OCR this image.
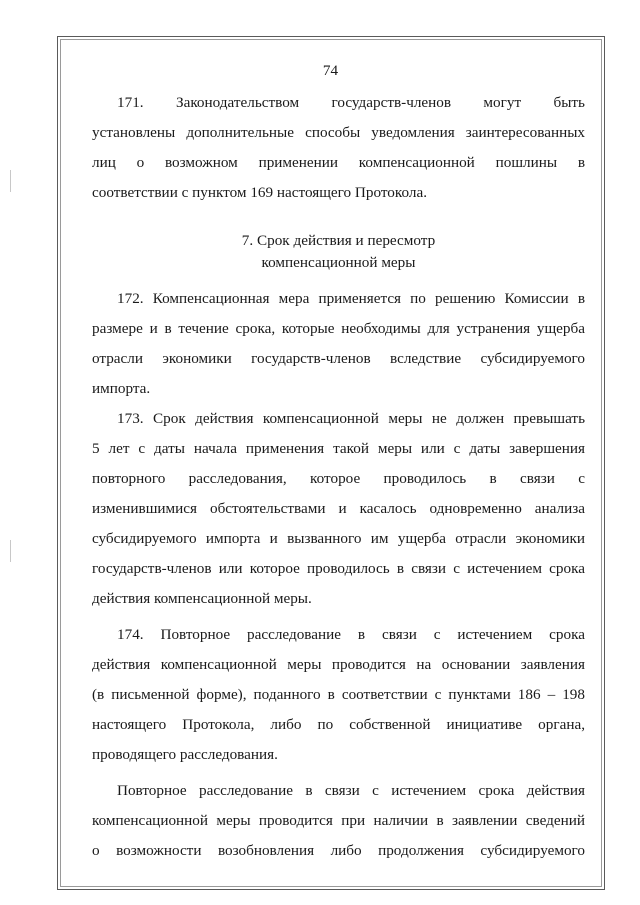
74
171. Законодательством государств-членов могут быть
установлены дополнительные способы уведомления заинтересованных
лиц о возможном применении компенсационной пошлины в
соответствии с пунктом 169 настоящего Протокола.
7. Срок действия и пересмотр
компенсационной меры
172. Компенсационная мера применяется по решению Комиссии в
размере и в течение срока, которые необходимы для устранения ущерба
отрасли экономики государств-членов вследствие субсидируемого
импорта.
173. Срок действия компенсационной меры не должен превышать
5 лет с даты начала применения такой меры или с даты завершения
повторного расследования, которое проводилось в связи с
изменившимися обстоятельствами и касалось одновременно анализа
субсидируемого импорта и вызванного им ущерба отрасли экономики
государств-членов или которое проводилось в связи с истечением срока
действия компенсационной меры.
174. Повторное расследование в связи с истечением срока
действия компенсационной меры проводится на основании заявления
(в письменной форме), поданного в соответствии с пунктами 186 – 198
настоящего Протокола, либо по собственной инициативе органа,
проводящего расследования.
Повторное расследование в связи с истечением срока действия
компенсационной меры проводится при наличии в заявлении сведений
о возможности возобновления либо продолжения субсидируемого
